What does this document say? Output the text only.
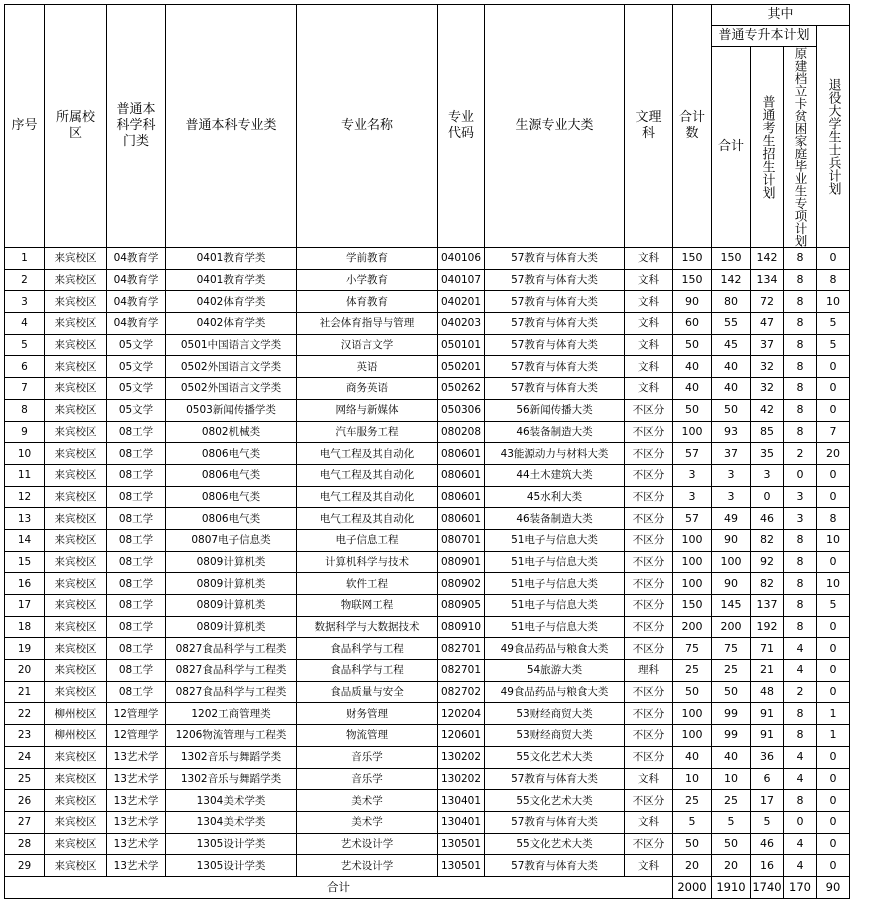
序号	所属校区	普通本科学科门类	普通本科专业类	专业名称	专业代码	生源专业大类	文理科	合计数	其中			
									普通专升本计划			退役大学生士兵计划

									合计	普通考生招生计划	原建档立卡贫困家庭毕业生专项计划	

1	来宾校区	04教育学	0401教育学类	学前教育	040106	57教育与体育大类	文科	150	150	142	8	0
2	来宾校区	04教育学	0401教育学类	小学教育	040107	57教育与体育大类	文科	150	142	134	8	8
3	来宾校区	04教育学	0402体育学类	体育教育	040201	57教育与体育大类	文科	90	80	72	8	10
4	来宾校区	04教育学	0402体育学类	社会体育指导与管理	040203	57教育与体育大类	文科	60	55	47	8	5
5	来宾校区	05文学	0501中国语言文学类	汉语言文学	050101	57教育与体育大类	文科	50	45	37	8	5
6	来宾校区	05文学	0502外国语言文学类	英语	050201	57教育与体育大类	文科	40	40	32	8	0
7	来宾校区	05文学	0502外国语言文学类	商务英语	050262	57教育与体育大类	文科	40	40	32	8	0
8	来宾校区	05文学	0503新闻传播学类	网络与新媒体	050306	56新闻传播大类	不区分	50	50	42	8	0
9	来宾校区	08工学	0802机械类	汽车服务工程	080208	46装备制造大类	不区分	100	93	85	8	7
10	来宾校区	08工学	0806电气类	电气工程及其自动化	080601	43能源动力与材料大类	不区分	57	37	35	2	20
11	来宾校区	08工学	0806电气类	电气工程及其自动化	080601	44土木建筑大类	不区分	3	3	3	0	0
12	来宾校区	08工学	0806电气类	电气工程及其自动化	080601	45水利大类	不区分	3	3	0	3	0
13	来宾校区	08工学	0806电气类	电气工程及其自动化	080601	46装备制造大类	不区分	57	49	46	3	8
14	来宾校区	08工学	0807电子信息类	电子信息工程	080701	51电子与信息大类	不区分	100	90	82	8	10
15	来宾校区	08工学	0809计算机类	计算机科学与技术	080901	51电子与信息大类	不区分	100	100	92	8	0
16	来宾校区	08工学	0809计算机类	软件工程	080902	51电子与信息大类	不区分	100	90	82	8	10
17	来宾校区	08工学	0809计算机类	物联网工程	080905	51电子与信息大类	不区分	150	145	137	8	5
18	来宾校区	08工学	0809计算机类	数据科学与大数据技术	080910	51电子与信息大类	不区分	200	200	192	8	0
19	来宾校区	08工学	0827食品科学与工程类	食品科学与工程	082701	49食品药品与粮食大类	不区分	75	75	71	4	0
20	来宾校区	08工学	0827食品科学与工程类	食品科学与工程	082701	54旅游大类	理科	25	25	21	4	0
21	来宾校区	08工学	0827食品科学与工程类	食品质量与安全	082702	49食品药品与粮食大类	不区分	50	50	48	2	0
22	柳州校区	12管理学	1202工商管理类	财务管理	120204	53财经商贸大类	不区分	100	99	91	8	1
23	柳州校区	12管理学	1206物流管理与工程类	物流管理	120601	53财经商贸大类	不区分	100	99	91	8	1
24	来宾校区	13艺术学	1302音乐与舞蹈学类	音乐学	130202	55文化艺术大类	不区分	40	40	36	4	0
25	来宾校区	13艺术学	1302音乐与舞蹈学类	音乐学	130202	57教育与体育大类	文科	10	10	6	4	0
26	来宾校区	13艺术学	1304美术学类	美术学	130401	55文化艺术大类	不区分	25	25	17	8	0
27	来宾校区	13艺术学	1304美术学类	美术学	130401	57教育与体育大类	文科	5	5	5	0	0
28	来宾校区	13艺术学	1305设计学类	艺术设计学	130501	55文化艺术大类	不区分	50	50	46	4	0
29	来宾校区	13艺术学	1305设计学类	艺术设计学	130501	57教育与体育大类	文科	20	20	16	4	0
合计								2000	1910	1740	170	90
